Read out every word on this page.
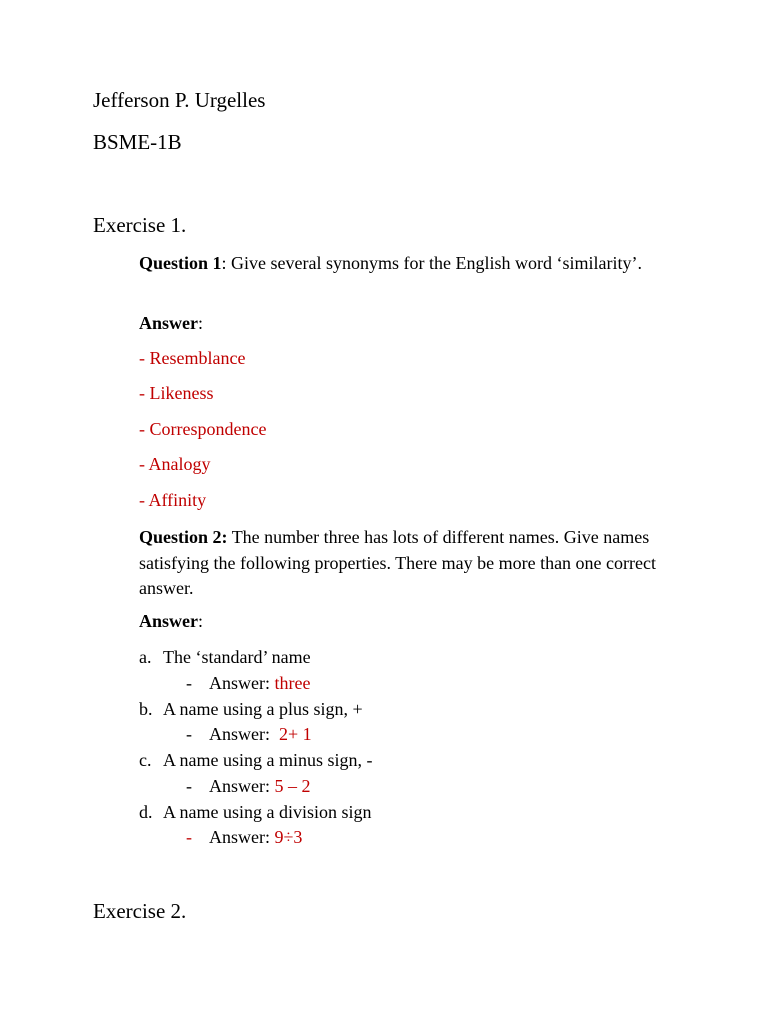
Jefferson P. Urgelles
BSME-1B
Exercise 1.
Question 1: Give several synonyms for the English word ‘similarity’.
Answer:
- Resemblance
- Likeness
- Correspondence
- Analogy
- Affinity
Question 2: The number three has lots of different names. Give names satisfying the following properties. There may be more than one correct answer.
Answer:
a. The ‘standard’ name
- Answer: three
b. A name using a plus sign, +
- Answer:  2+ 1
c. A name using a minus sign, -
- Answer: 5 – 2
d. A name using a division sign
- Answer: 9÷3
Exercise 2.
